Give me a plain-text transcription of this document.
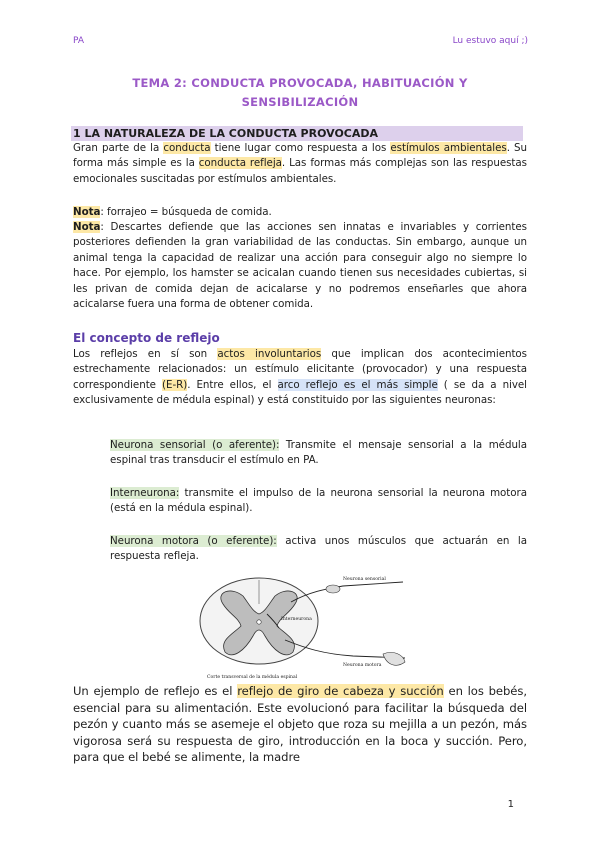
PA	Lu estuvo aquí ;)
TEMA 2: CONDUCTA PROVOCADA, HABITUACIÓN Y
SENSIBILIZACIÓN
1 LA NATURALEZA DE LA CONDUCTA PROVOCADA
Gran parte de la conducta tiene lugar como respuesta a los estímulos ambientales. Su forma más simple es la conducta refleja. Las formas más complejas son las respuestas emocionales suscitadas por estímulos ambientales.
Nota: forrajeo = búsqueda de comida.
Nota: Descartes defiende que las acciones sen innatas e invariables y corrientes posteriores defienden la gran variabilidad de las conductas. Sin embargo, aunque un animal tenga la capacidad de realizar una acción para conseguir algo no siempre lo hace. Por ejemplo, los hamster se acicalan cuando tienen sus necesidades cubiertas, si les privan de comida dejan de acicalarse y no podremos enseñarles que ahora acicalarse fuera una forma de obtener comida.
El concepto de reflejo
Los reflejos en sí son actos involuntarios que implican dos acontecimientos estrechamente relacionados: un estímulo elicitante (provocador) y una respuesta correspondiente (E-R). Entre ellos, el arco reflejo es el más simple ( se da a nivel exclusivamente de médula espinal) y está constituido por las siguientes neuronas:
Neurona sensorial (o aferente): Transmite el mensaje sensorial a la médula espinal tras transducir el estímulo en PA.
Interneurona: transmite el impulso de la neurona sensorial la neurona motora (está en la médula espinal).
Neurona motora (o eferente): activa unos músculos que actuarán en la respuesta refleja.
Neurona sensorial
Interneurona
Neurona motora
Corte transversal de la médula espinal
Un ejemplo de reflejo es el reflejo de giro de cabeza y succión en los bebés, esencial para su alimentación. Este evolucionó para facilitar la búsqueda del pezón y cuanto más se asemeje el objeto que roza su mejilla a un pezón, más vigorosa será su respuesta de giro, introducción en la boca y succión. Pero, para que el bebé se alimente, la madre
1
